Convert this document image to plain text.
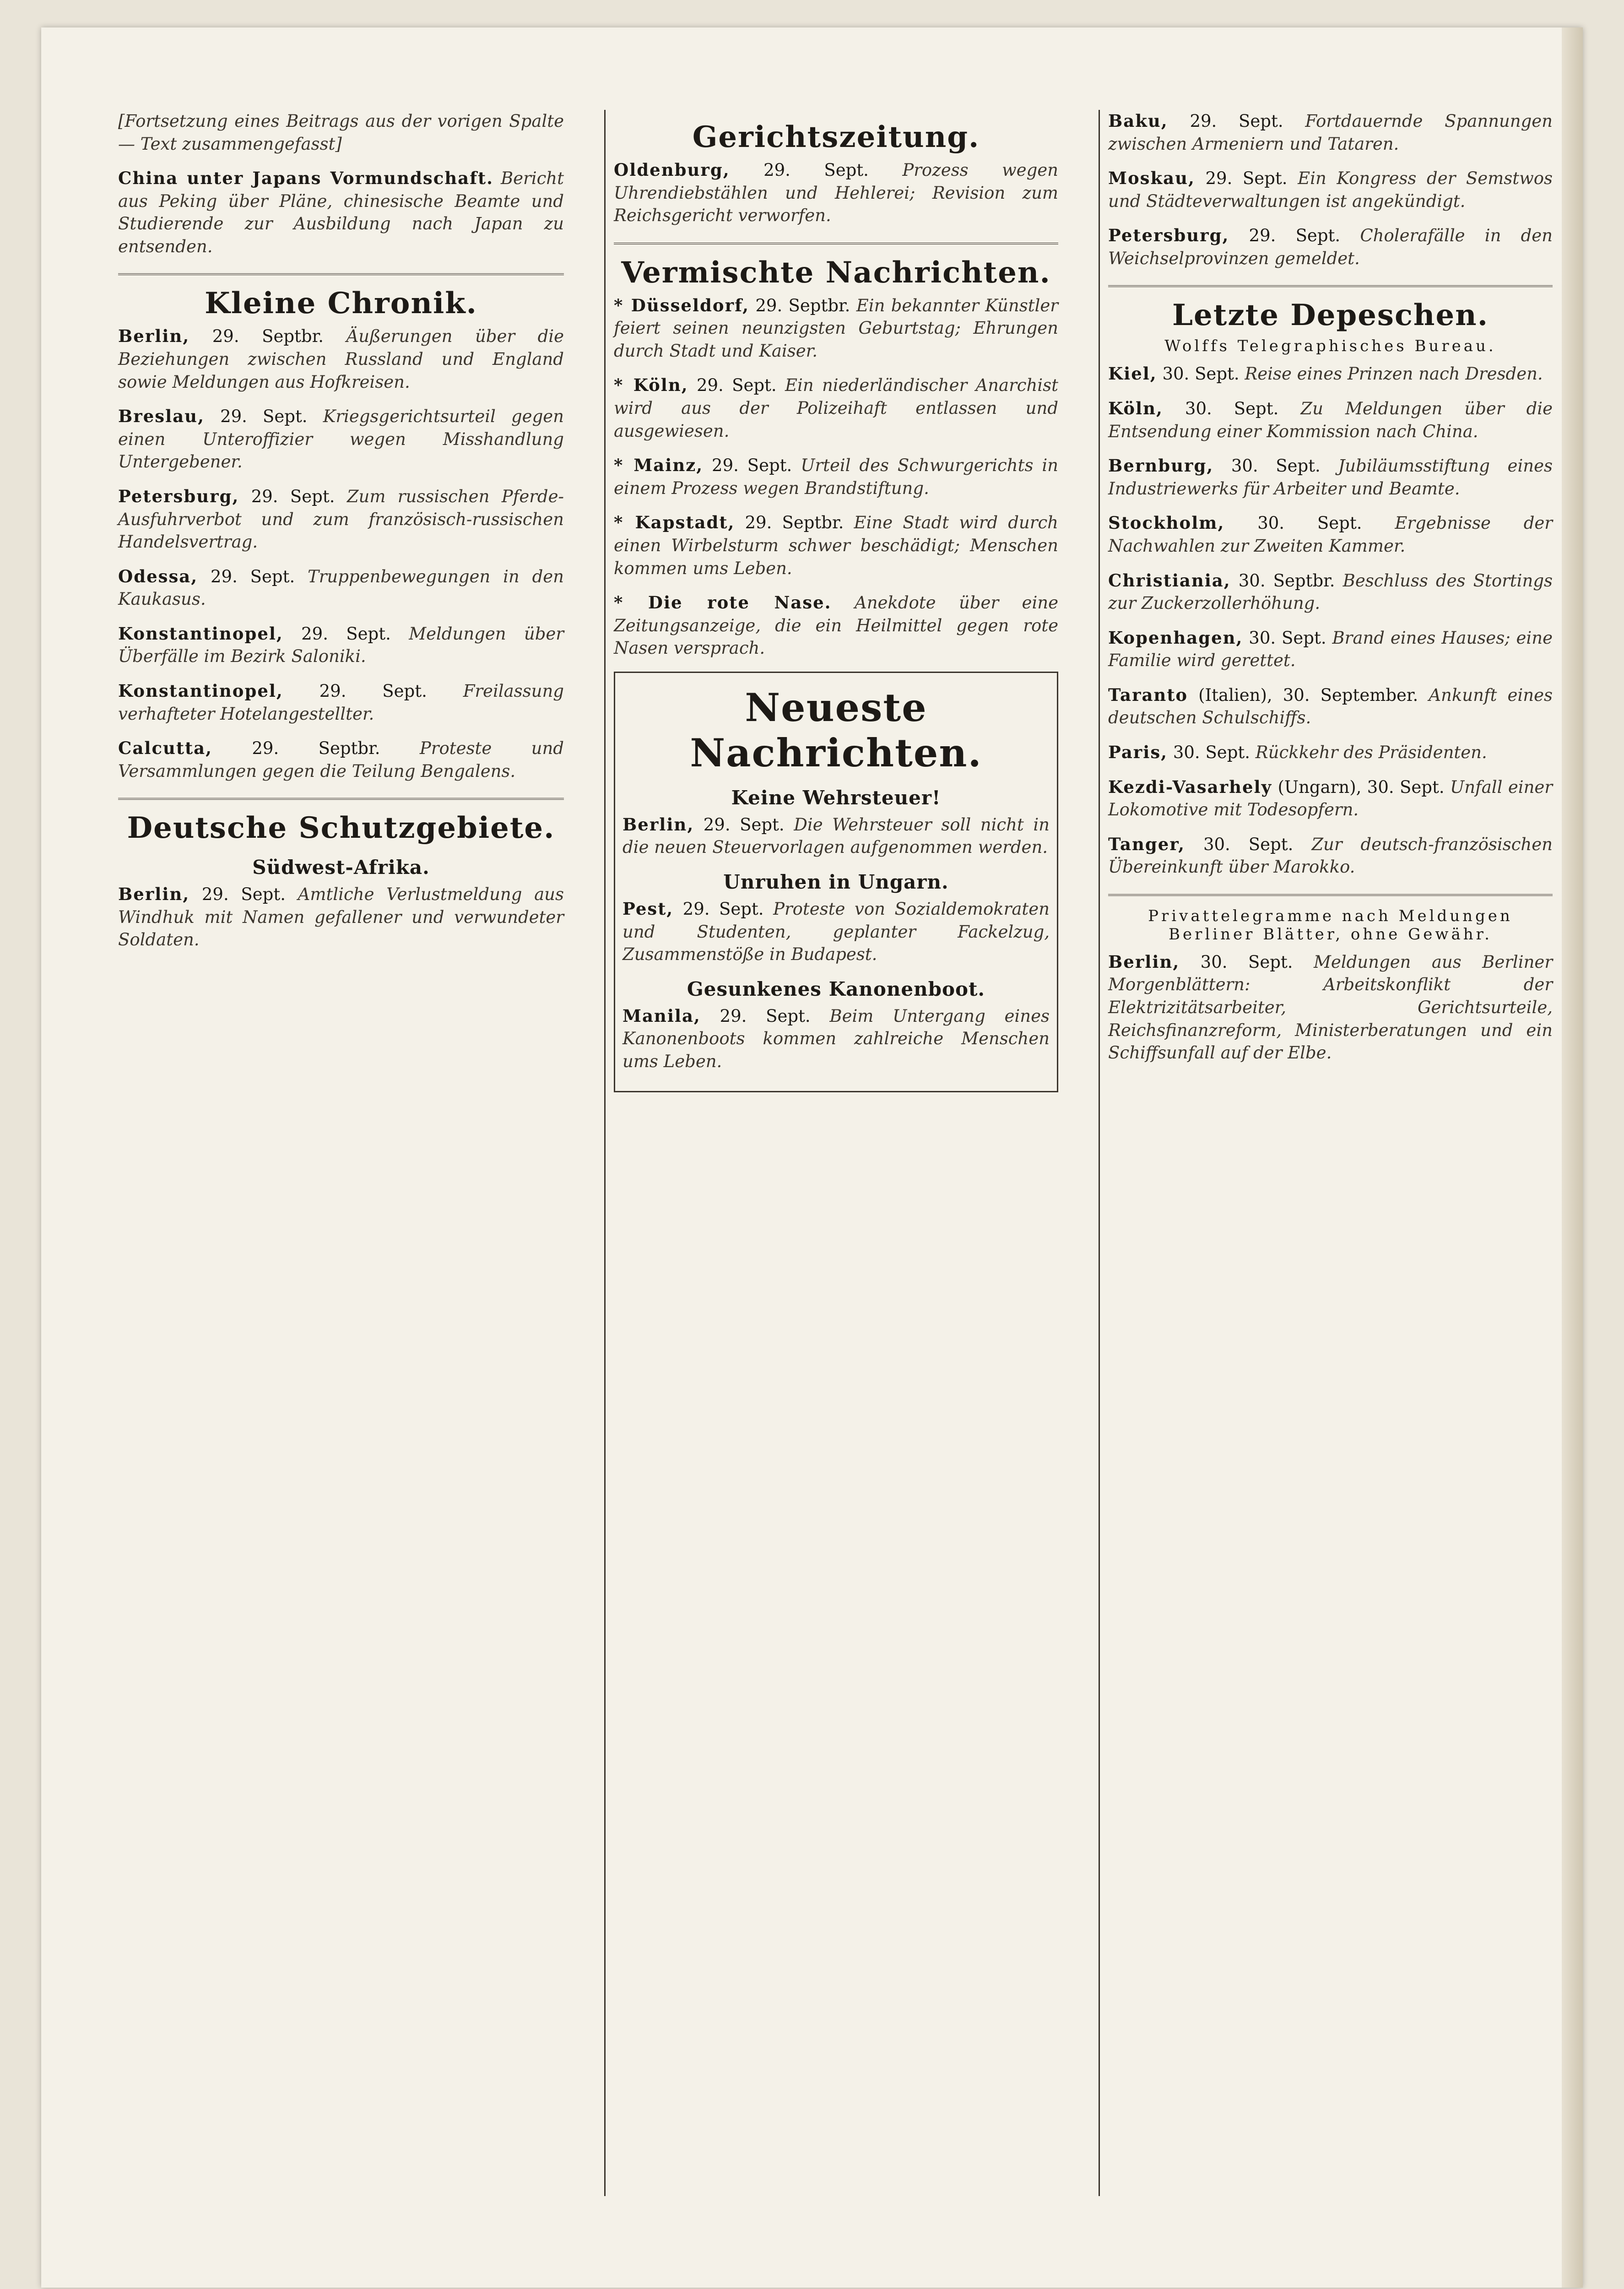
[Fortsetzung eines Beitrags aus der vorigen Spalte — Text zusammengefasst]
China unter Japans Vormundschaft. Bericht aus Peking über Pläne, chinesische Beamte und Studierende zur Ausbildung nach Japan zu entsenden.
Kleine Chronik.
Berlin, 29. Septbr. Äußerungen über die Beziehungen zwischen Russland und England sowie Meldungen aus Hofkreisen.
Breslau, 29. Sept. Kriegsgerichtsurteil gegen einen Unteroffizier wegen Misshandlung Untergebener.
Petersburg, 29. Sept. Zum russischen Pferde-Ausfuhrverbot und zum französisch-russischen Handelsvertrag.
Odessa, 29. Sept. Truppenbewegungen in den Kaukasus.
Konstantinopel, 29. Sept. Meldungen über Überfälle im Bezirk Saloniki.
Konstantinopel, 29. Sept. Freilassung verhafteter Hotelangestellter.
Calcutta, 29. Septbr. Proteste und Versammlungen gegen die Teilung Bengalens.
Deutsche Schutzgebiete.
Südwest-Afrika.
Berlin, 29. Sept. Amtliche Verlustmeldung aus Windhuk mit Namen gefallener und verwundeter Soldaten.
Gerichtszeitung.
Oldenburg, 29. Sept. Prozess wegen Uhrendiebstählen und Hehlerei; Revision zum Reichsgericht verworfen.
Vermischte Nachrichten.
* Düsseldorf, 29. Septbr. Ein bekannter Künstler feiert seinen neunzigsten Geburtstag; Ehrungen durch Stadt und Kaiser.
* Köln, 29. Sept. Ein niederländischer Anarchist wird aus der Polizeihaft entlassen und ausgewiesen.
* Mainz, 29. Sept. Urteil des Schwurgerichts in einem Prozess wegen Brandstiftung.
* Kapstadt, 29. Septbr. Eine Stadt wird durch einen Wirbelsturm schwer beschädigt; Menschen kommen ums Leben.
* Die rote Nase. Anekdote über eine Zeitungsanzeige, die ein Heilmittel gegen rote Nasen versprach.
Neueste Nachrichten.
Keine Wehrsteuer!
Berlin, 29. Sept. Die Wehrsteuer soll nicht in die neuen Steuervorlagen aufgenommen werden.
Unruhen in Ungarn.
Pest, 29. Sept. Proteste von Sozialdemokraten und Studenten, geplanter Fackelzug, Zusammenstöße in Budapest.
Gesunkenes Kanonenboot.
Manila, 29. Sept. Beim Untergang eines Kanonenboots kommen zahlreiche Menschen ums Leben.
Baku, 29. Sept. Fortdauernde Spannungen zwischen Armeniern und Tataren.
Moskau, 29. Sept. Ein Kongress der Semstwos und Städteverwaltungen ist angekündigt.
Petersburg, 29. Sept. Cholerafälle in den Weichselprovinzen gemeldet.
Letzte Depeschen.
Wolffs Telegraphisches Bureau.
Kiel, 30. Sept. Reise eines Prinzen nach Dresden.
Köln, 30. Sept. Zu Meldungen über die Entsendung einer Kommission nach China.
Bernburg, 30. Sept. Jubiläumsstiftung eines Industriewerks für Arbeiter und Beamte.
Stockholm, 30. Sept. Ergebnisse der Nachwahlen zur Zweiten Kammer.
Christiania, 30. Septbr. Beschluss des Stortings zur Zuckerzollerhöhung.
Kopenhagen, 30. Sept. Brand eines Hauses; eine Familie wird gerettet.
Taranto (Italien), 30. September. Ankunft eines deutschen Schulschiffs.
Paris, 30. Sept. Rückkehr des Präsidenten.
Kezdi-Vasarhely (Ungarn), 30. Sept. Unfall einer Lokomotive mit Todesopfern.
Tanger, 30. Sept. Zur deutsch-französischen Übereinkunft über Marokko.
Privattelegramme nach Meldungen Berliner Blätter, ohne Gewähr.
Berlin, 30. Sept. Meldungen aus Berliner Morgenblättern: Arbeitskonflikt der Elektrizitätsarbeiter, Gerichtsurteile, Reichsfinanzreform, Ministerberatungen und ein Schiffsunfall auf der Elbe.
